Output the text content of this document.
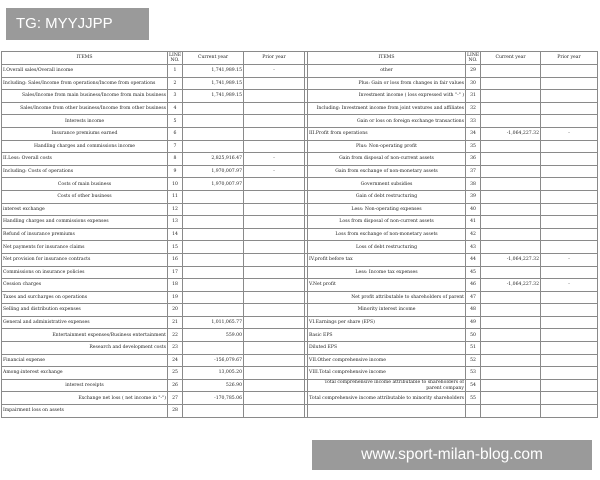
TG: MYYJJPP
ITEMS	LINE NO.	Current year	Prior year		ITEMS	LINE NO.	Current year	Prior year
I.Overall sales/Overall income	1	1,741,989.15	-		other	29		
Including: Sales/Income from operations/Income from operations	2	1,741,989.15			Plus: Gain or loss from changes in fair values	30		
Sales/Income from main business/Income from main business	3	1,741,989.15			Investment income ( loss expressed with "-" )	31		
Sales/Income from other business/Income from other business	4				Including: Investment income from joint ventures and affiliates	32		
Interests income	5				Gain or loss on foreign exchange transactions	33		
Insurance premiums earned	6				III.Profit from operations	34	-1,064,227.32	-
Handling charges and commissions income	7				Plus: Non-operating profit	35		
II.Less: Overall costs	8	2,825,916.47	-		Gain from disposal of non-current assets	36		
Including: Costs of operations	9	1,970,007.97	-		Gain from exchange of non-monetary assets	37		
Costs of main business	10	1,970,007.97			Government subsidies	38		
Costs of other business	11				Gain of debt restructuring	39		
interest exchange	12				Less: Non-operating expenses	40		
Handling charges and commissions expenses	13				Loss from disposal of non-current assets	41		
Refund of insurance premiums	14				Loss from exchange of non-monetary assets	42		
Net payments for insurance claims	15				Loss of debt restructuring	43		
Net provision for insurance contracts	16				IV.profit before tax	44	-1,064,227.32	-
Commissions on insurance policies	17				Less: Income tax expenses	45		
Cession charges	18				V.Net profit	46	-1,064,227.32	-
Taxes and surcharges on operations	19				Net profit attributable to shareholders of parent	47		
Selling and distribution expenses	20				Minority interest income	48		
General and administrative expenses	21	1,011,065.77			VI.Earnings per share (EPS)	49		
Entertainment expenses/Business entertainment	22	559.00			Basic EPS	50		
Research and development costs	23				Diluted EPS	51		
Financial expense	24	-156,079.67			VII.Other comprehensive income	52		
Among:interest exchange	25	13,005.20			VIII.Total comprehensive income	53		
interest receipts	26	526.90			Total comprehensive income attributable to shareholders of parent company	54		
Exchange net loss ( net income in "-")	27	-170,785.06			Total comprehensive income attributable to minority shareholders	55		
Impairment loss on assets	28							
www.sport-milan-blog.com
